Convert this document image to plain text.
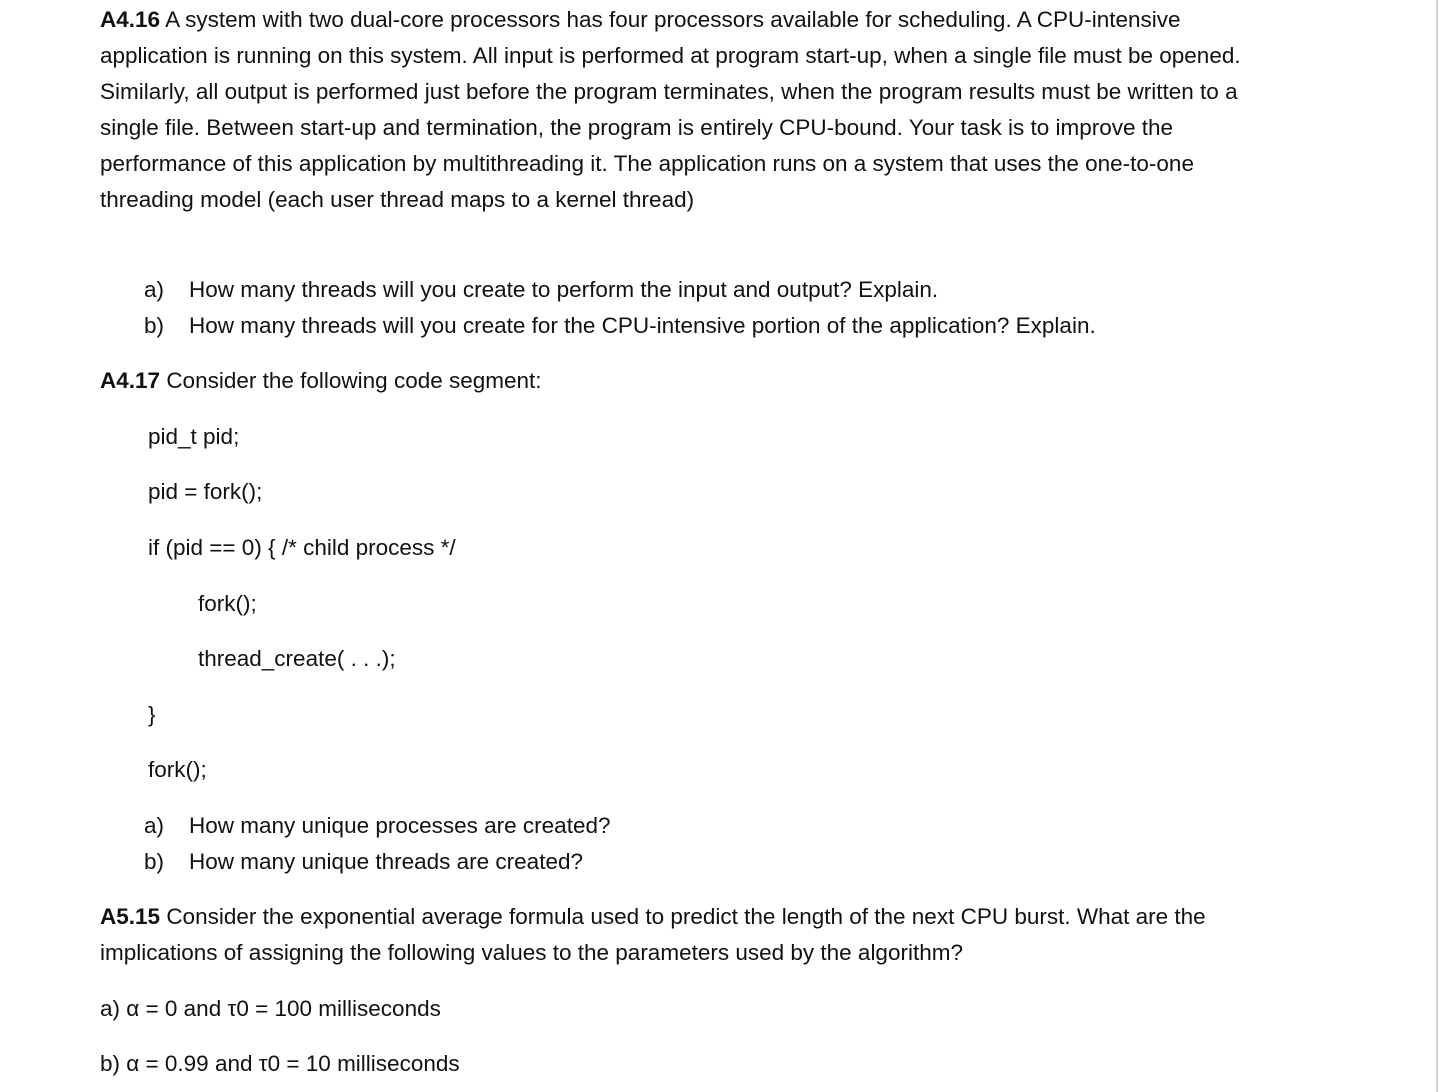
A4.16 A system with two dual-core processors has four processors available for scheduling. A CPU-intensive application is running on this system. All input is performed at program start-up, when a single file must be opened. Similarly, all output is performed just before the program terminates, when the program results must be written to a single file. Between start-up and termination, the program is entirely CPU-bound. Your task is to improve the performance of this application by multithreading it. The application runs on a system that uses the one-to-one threading model (each user thread maps to a kernel thread)

a) How many threads will you create to perform the input and output? Explain.
b) How many threads will you create for the CPU-intensive portion of the application? Explain.

A4.17 Consider the following code segment:

pid_t pid;
pid = fork();
if (pid == 0) { /* child process */
fork();
thread_create( . . .);
}
fork();
a) How many unique processes are created?
b) How many unique threads are created?

A5.15 Consider the exponential average formula used to predict the length of the next CPU burst. What are the implications of assigning the following values to the parameters used by the algorithm?

a) α = 0 and τ0 = 100 milliseconds
b) α = 0.99 and τ0 = 10 milliseconds
